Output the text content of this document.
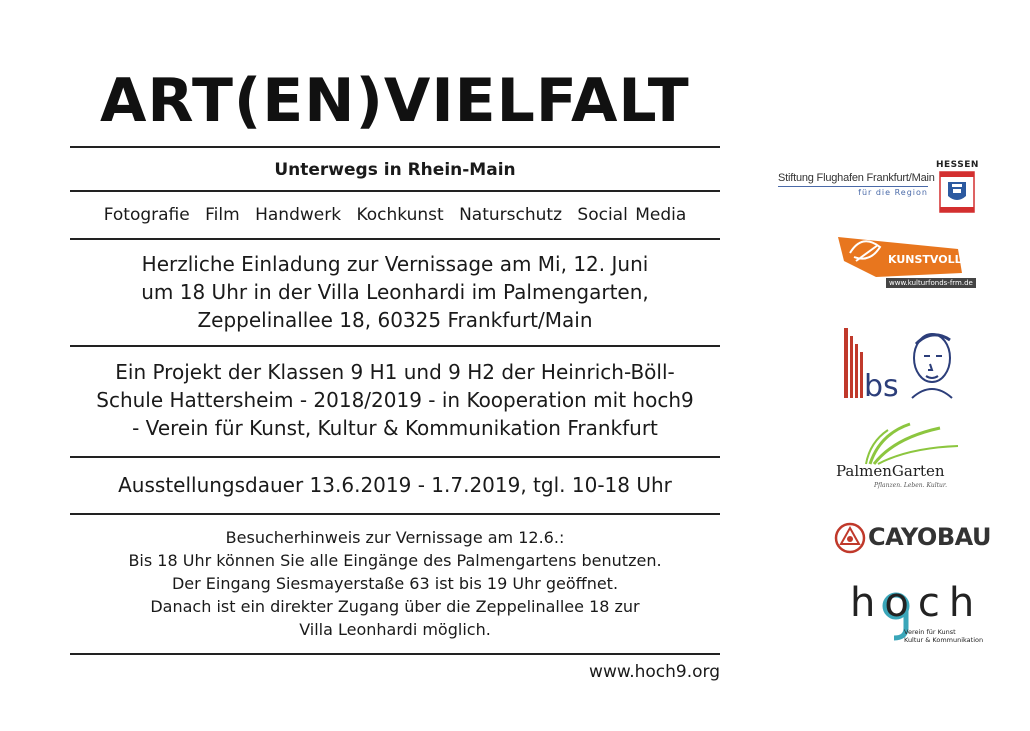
ART(EN)VIELFALT
Unterwegs in Rhein-Main
Fotografie Film Handwerk Kochkunst Naturschutz Social Media
Herzliche Einladung zur Vernissage am Mi, 12. Juni
um 18 Uhr in der Villa Leonhardi im Palmengarten,
Zeppelinallee 18, 60325 Frankfurt/Main
Ein Projekt der Klassen 9 H1 und 9 H2 der Heinrich-Böll-
Schule Hattersheim - 2018/2019 - in Kooperation mit hoch9
- Verein für Kunst, Kultur & Kommunikation Frankfurt
Ausstellungsdauer 13.6.2019 - 1.7.2019, tgl. 10-18 Uhr
Besucherhinweis zur Vernissage am 12.6.:
Bis 18 Uhr können Sie alle Eingänge des Palmengartens benutzen.
Der Eingang Siesmayerstaße 63 ist bis 19 Uhr geöffnet.
Danach ist ein direkter Zugang über die Zeppelinallee 18 zur
Villa Leonhardi möglich.
www.hoch9.org
Stiftung Flughafen Frankfurt/Main
für die Region
HESSEN
KUNSTVOLL
www.kulturfonds-frm.de
bs
PalmenGarten
Pflanzen. Leben. Kultur.
CAYOBAU
hoch
Verein für Kunst
Kultur & Kommunikation
